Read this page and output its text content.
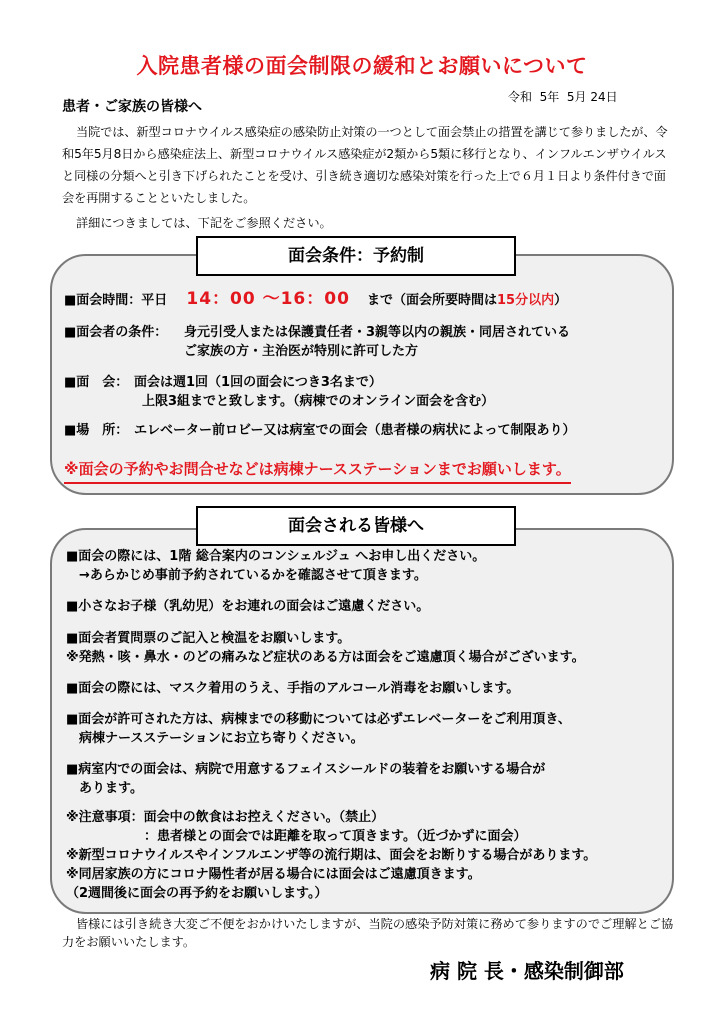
入院患者様の面会制限の緩和とお願いについて
令和  5年  5月 24日
患者・ご家族の皆様へ
当院では、新型コロナウイルス感染症の感染防止対策の一つとして面会禁止の措置を講じて参りましたが、令和5年5月8日から感染症法上、新型コロナウイルス感染症が2類から5類に移行となり、インフルエンザウイルスと同様の分類へと引き下げられたことを受け、引き続き適切な感染対策を行った上で６月１日より条件付きで面会を再開することといたしました。
詳細につきましては、下記をご参照ください。
面会条件：予約制
■面会時間：平日 14：00 ～16：00 まで（面会所要時間は15分以内）
■面会者の条件： 身元引受人または保護責任者・3親等以内の親族・同居されている
ご家族の方・主治医が特別に許可した方
■面　会： 面会は週1回（1回の面会につき3名まで）
上限3組までと致します。（病棟でのオンライン面会を含む）
■場　所： エレベーター前ロビー又は病室での面会（患者様の病状によって制限あり）
※面会の予約やお問合せなどは病棟ナースステーションまでお願いします。
面会される皆様へ
■面会の際には、1階 総合案内のコンシェルジュ へお申し出ください。
　→あらかじめ事前予約されているかを確認させて頂きます。
■小さなお子様（乳幼児）をお連れの面会はご遠慮ください。
■面会者質問票のご記入と検温をお願いします。
※発熱・咳・鼻水・のどの痛みなど症状のある方は面会をご遠慮頂く場合がございます。
■面会の際には、マスク着用のうえ、手指のアルコール消毒をお願いします。
■面会が許可された方は、病棟までの移動については必ずエレベーターをご利用頂き、
　病棟ナースステーションにお立ち寄りください。
■病室内での面会は、病院で用意するフェイスシールドの装着をお願いする場合が
　あります。
※注意事項：面会中の飲食はお控えください。（禁止）
　　　　　　：患者様との面会では距離を取って頂きます。（近づかずに面会）
※新型コロナウイルスやインフルエンザ等の流行期は、面会をお断りする場合があります。
※同居家族の方にコロナ陽性者が居る場合には面会はご遠慮頂きます。
（2週間後に面会の再予約をお願いします。）
皆様には引き続き大変ご不便をおかけいたしますが、当院の感染予防対策に務めて参りますのでご理解とご協力をお願いいたします。
病 院 長・感染制御部
